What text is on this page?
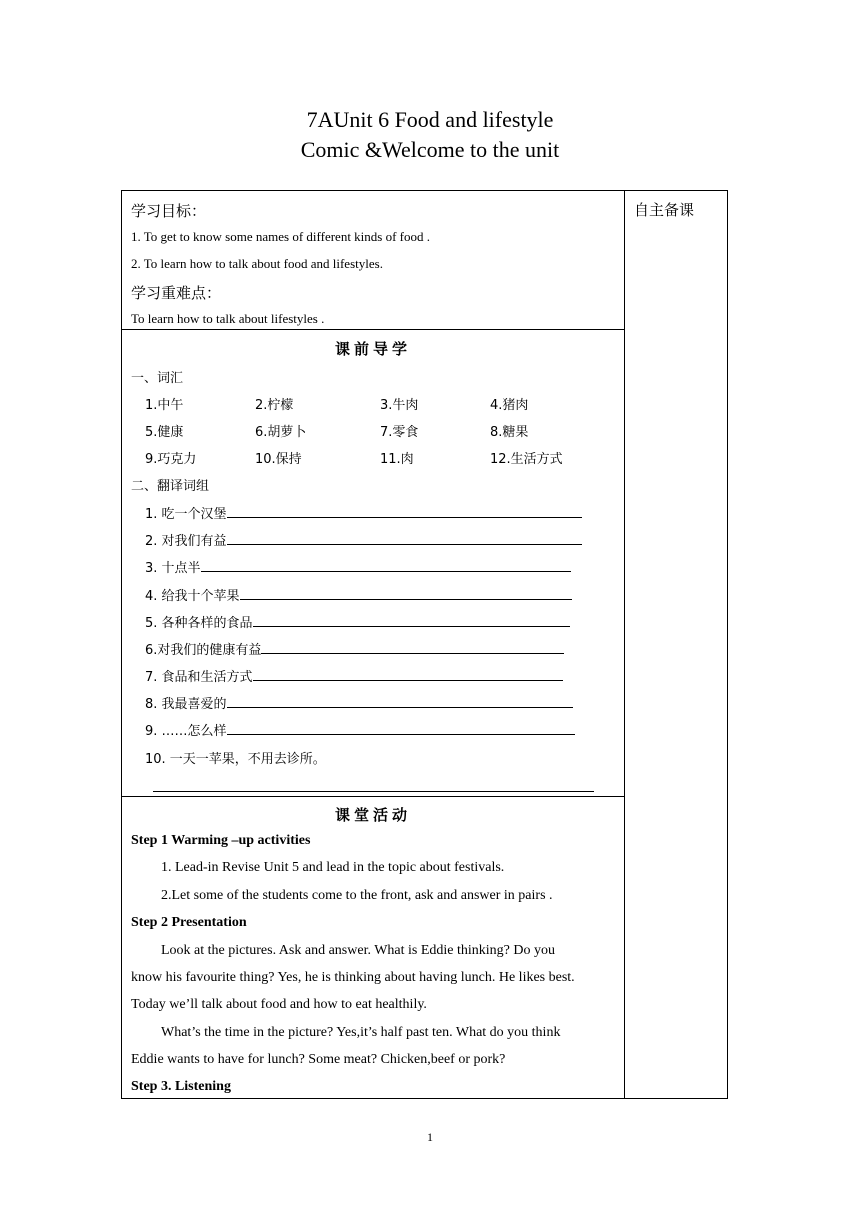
7AUnit 6 Food and lifestyle
Comic &Welcome to the unit
自主备课
学习目标：
1. To get to know some names of different kinds of food .
2. To learn how to talk about food and lifestyles.
学习重难点：
To learn how to talk about lifestyles .
课前导学
一、词汇
1.中午	2.柠檬	3.牛肉	4.猪肉
5.健康	6.胡萝卜	7.零食	8.糖果
9.巧克力	10.保持	11.肉	12.生活方式
二、翻译词组
1. 吃一个汉堡
2. 对我们有益
3. 十点半
4. 给我十个苹果
5. 各种各样的食品
6.对我们的健康有益
7. 食品和生活方式
8. 我最喜爱的
9. ……怎么样
10. 一天一苹果，不用去诊所。
课堂活动
Step 1 Warming –up activities
1. Lead-in Revise Unit 5 and lead in the topic about festivals.
2.Let some of the students come to the front, ask and answer in pairs .
Step 2 Presentation
Look at the pictures. Ask and answer. What is Eddie thinking? Do you
know his favourite thing? Yes, he is thinking about having lunch. He likes best.
Today we’ll talk about food and how to eat healthily.
What’s the time in the picture? Yes,it’s half past ten. What do you think
Eddie wants to have for lunch? Some meat? Chicken,beef or pork?
Step 3. Listening
1
